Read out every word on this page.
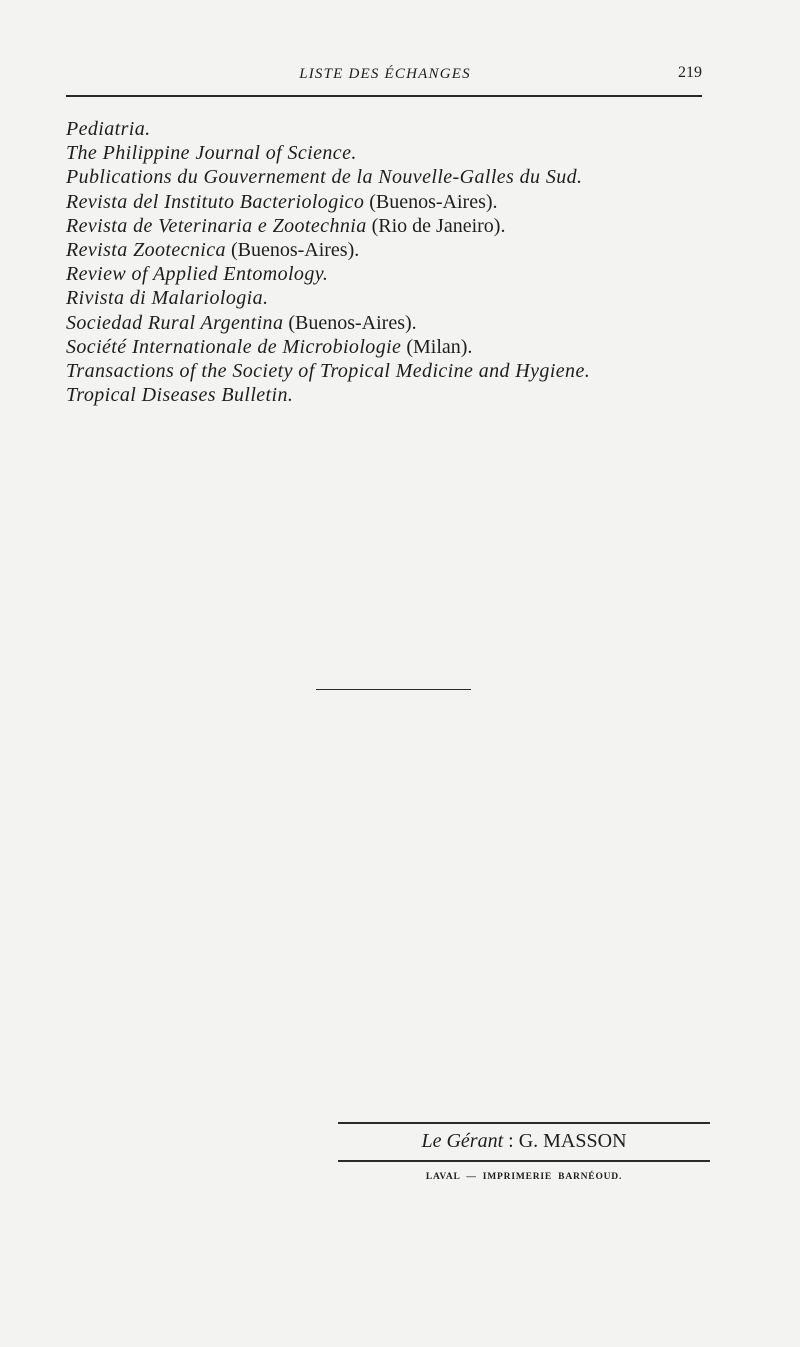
LISTE DES ÉCHANGES	219
Pediatria.
The Philippine Journal of Science.
Publications du Gouvernement de la Nouvelle-Galles du Sud.
Revista del Instituto Bacteriologico (Buenos-Aires).
Revista de Veterinaria e Zootechnia (Rio de Janeiro).
Revista Zootecnica (Buenos-Aires).
Review of Applied Entomology.
Rivista di Malariologia.
Sociedad Rural Argentina (Buenos-Aires).
Société Internationale de Microbiologie (Milan).
Transactions of the Society of Tropical Medicine and Hygiene.
Tropical Diseases Bulletin.
Le Gérant : G. MASSON
LAVAL — IMPRIMERIE BARNÉOUD.
